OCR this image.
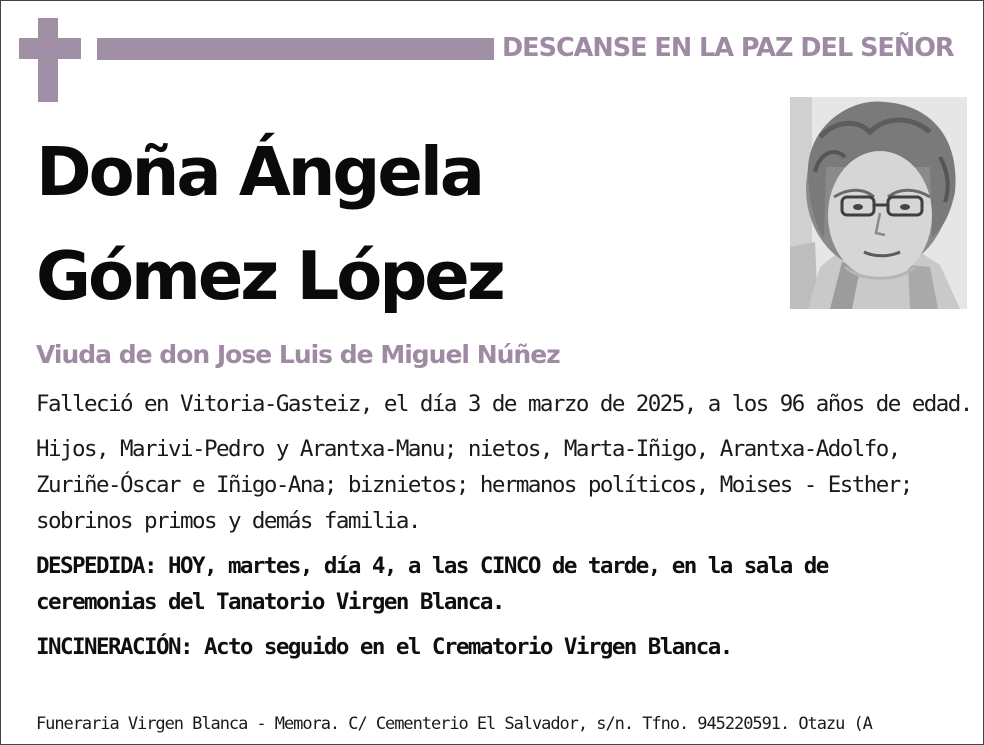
DESCANSE EN LA PAZ DEL SEÑOR
Doña Ángela
Gómez López
Viuda de don Jose Luis de Miguel Núñez
Falleció en Vitoria-Gasteiz, el día 3 de marzo de 2025, a los 96 años de edad.
Hijos, Marivi-Pedro y Arantxa-Manu; nietos, Marta-Iñigo, Arantxa-Adolfo, Zuriñe-Óscar e Iñigo-Ana; biznietos; hermanos políticos, Moises - Esther; sobrinos primos y demás familia.
DESPEDIDA: HOY, martes, día 4, a las CINCO de tarde, en la sala de ceremonias del Tanatorio Virgen Blanca.
INCINERACIÓN: Acto seguido en el Crematorio Virgen Blanca.
Funeraria Virgen Blanca - Memora. C/ Cementerio El Salvador, s/n. Tfno. 945220591. Otazu (A
